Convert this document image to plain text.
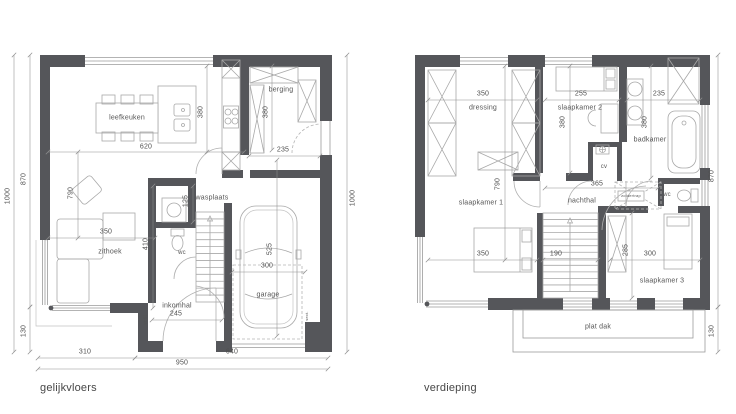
leefkeuken
berging
wasplaats
wc
zithoek
inkomhal
vest.
garage
sect.
620
380	380
235
790
350
125
410	525
300
245
870
1000
130
1000
310	640
950
gelijkvloers
dressing	slaapkamer 2
badkamer
cv
slaapkamer 1	nachthal
zoldertrap	wc
slaapkamer 3
plat dak
350	255	235
380	380
790	365
350	190	285 300
870
130
verdieping
